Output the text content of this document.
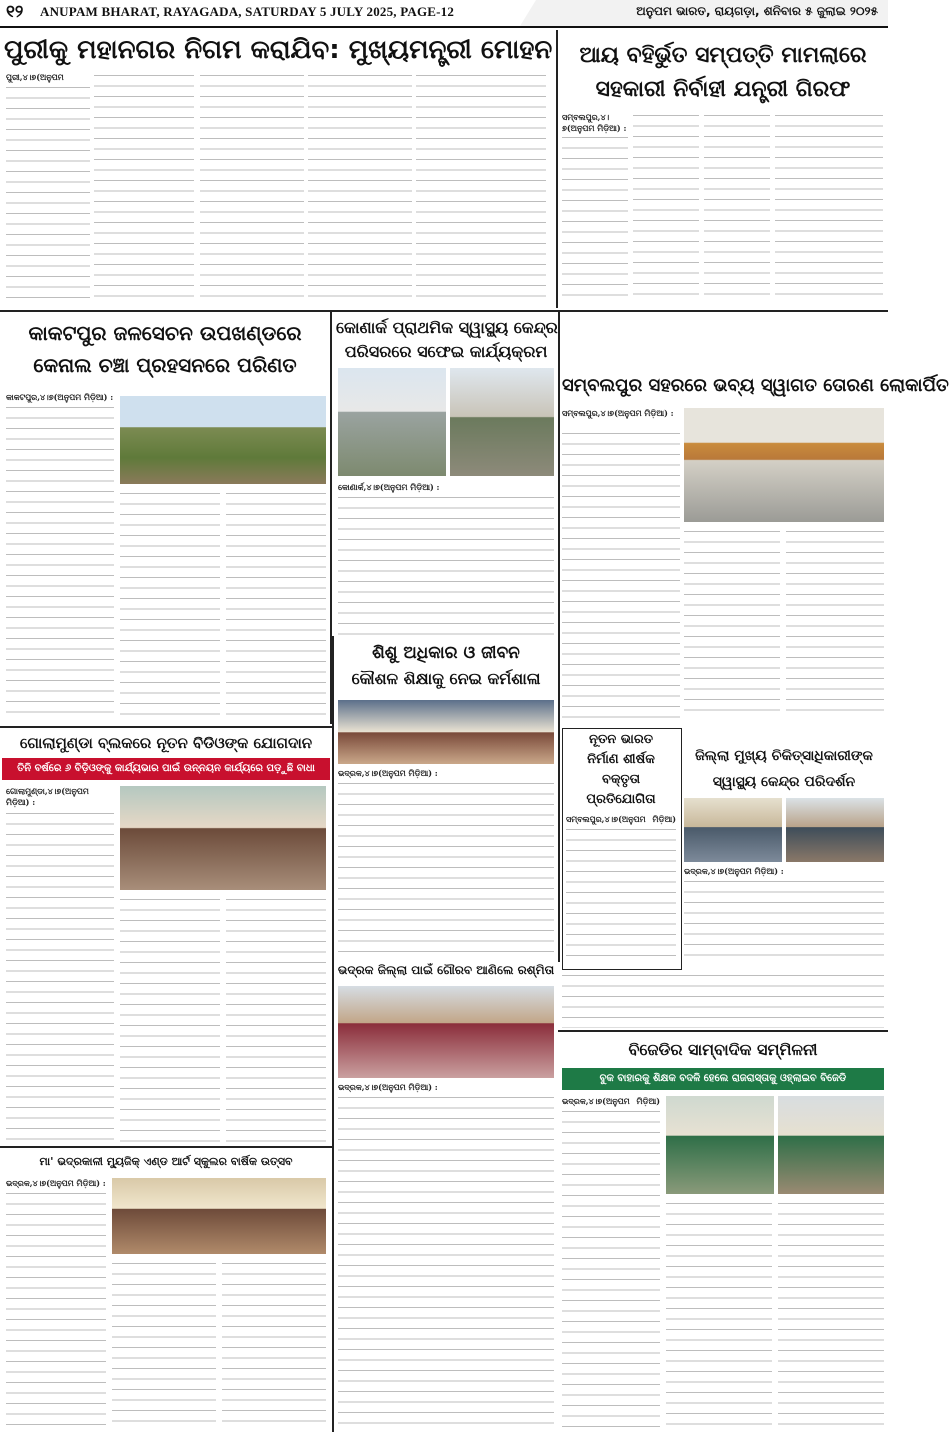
୧୨ ANUPAM BHARAT, RAYAGADA, SATURDAY 5 JULY 2025, PAGE-12	ଅନୁପମ ଭାରତ, ରାୟଗଡ଼ା, ଶନିବାର ୫ ଜୁଲାଇ ୨୦୨୫
ପୁରୀକୁ ମହାନଗର ନିଗମ କରାଯିବ: ମୁଖ୍ୟମନ୍ତ୍ରୀ ମୋହନ
ପୁରୀ,୪।୭(ଅନୁପମ
ଆୟ ବହିର୍ଭୁତ ସମ୍ପତ୍ତି ମାମଲାରେ
ସହକାରୀ ନିର୍ବାହୀ ଯନ୍ତ୍ରୀ ଗିରଫ
ସମ୍ବଲପୁର,୪।୭(ଅନୁପମ ମିଡ଼ିଆ) :
କାକଟପୁର ଜଳସେଚନ ଉପଖଣ୍ଡରେ
କେନାଲ ଚଞ୍ଚା ପ୍ରହସନରେ ପରିଣତ
କାକଟପୁର,୪।୭(ଅନୁପମ ମିଡ଼ିଆ) :
କୋଣାର୍କ ପ୍ରାଥମିକ ସ୍ୱାସ୍ଥ୍ୟ କେନ୍ଦ୍ର
ପରିସରରେ ସଫେଇ କାର୍ଯ୍ୟକ୍ରମ
କୋଣାର୍କ,୪।୭(ଅନୁପମ ମିଡ଼ିଆ) :
ସମ୍ବଲପୁର ସହରରେ ଭବ୍ୟ ସ୍ୱାଗତ ତୋରଣ ଲୋକାର୍ପିତ
ସମ୍ବଲପୁର,୪।୭(ଅନୁପମ ମିଡ଼ିଆ) :
ଶିଶୁ ଅଧିକାର ଓ ଜୀବନ
କୌଶଳ ଶିକ୍ଷାକୁ ନେଇ କର୍ମଶାଳା
ଭଦ୍ରକ,୪।୭(ଅନୁପମ ମିଡ଼ିଆ) :
ଗୋଲାମୁଣ୍ଡା ବ୍ଲକରେ ନୂତନ ବିଡିଓଙ୍କ ଯୋଗଦାନ
ତିନି ବର୍ଷରେ ୬ ବିଡ଼ିଓଙ୍କୁ କାର୍ଯ୍ୟଭାର ପାଇଁ ଉନ୍ନୟନ କାର୍ଯ୍ୟରେ ପଡ଼ୁଛି ବାଧା
ଗୋଲାମୁଣ୍ଡା,୪।୭(ଅନୁପମ ମିଡ଼ିଆ) :
ନୂତନ ଭାରତ
ନିର୍ମାଣ ଶୀର୍ଷକ
ବକ୍ତୃତା
ପ୍ରତିଯୋଗିତା
ସମ୍ବଲପୁର,୪।୭(ଅନୁପମ ମିଡ଼ିଆ)
ଜିଲ୍ଲା ମୁଖ୍ୟ ଚିକିତ୍ସାଧିକାରୀଙ୍କ
ସ୍ୱାସ୍ଥ୍ୟ କେନ୍ଦ୍ର ପରିଦର୍ଶନ
ଭଦ୍ରକ,୪।୭(ଅନୁପମ ମିଡ଼ିଆ) :
ଭଦ୍ରକ ଜିଲ୍ଲା ପାଇଁ ଗୌରବ ଆଣିଲେ ରଶ୍ମିତା
ଭଦ୍ରକ,୪।୭(ଅନୁପମ ମିଡ଼ିଆ) :
ମା' ଭଦ୍ରକାଳୀ ମ୍ୟୁଜିକ୍ ଏଣ୍ଡ ଆର୍ଟ ସ୍କୁଲର ବାର୍ଷିକ ଉତ୍ସବ
ଭଦ୍ରକ,୪।୭(ଅନୁପମ ମିଡ଼ିଆ) :
ବିଜେଡିର ସାମ୍ବାଦିକ ସମ୍ମିଳନୀ
ବୁକ ବାହାରକୁ ଶିକ୍ଷକ ବଦଳି ହେଲେ ରାଜରାସ୍ତାକୁ ଓହ୍ଲାଇବ ବିଜେଡି
ଭଦ୍ରକ,୪।୭(ଅନୁପମ ମିଡ଼ିଆ)
